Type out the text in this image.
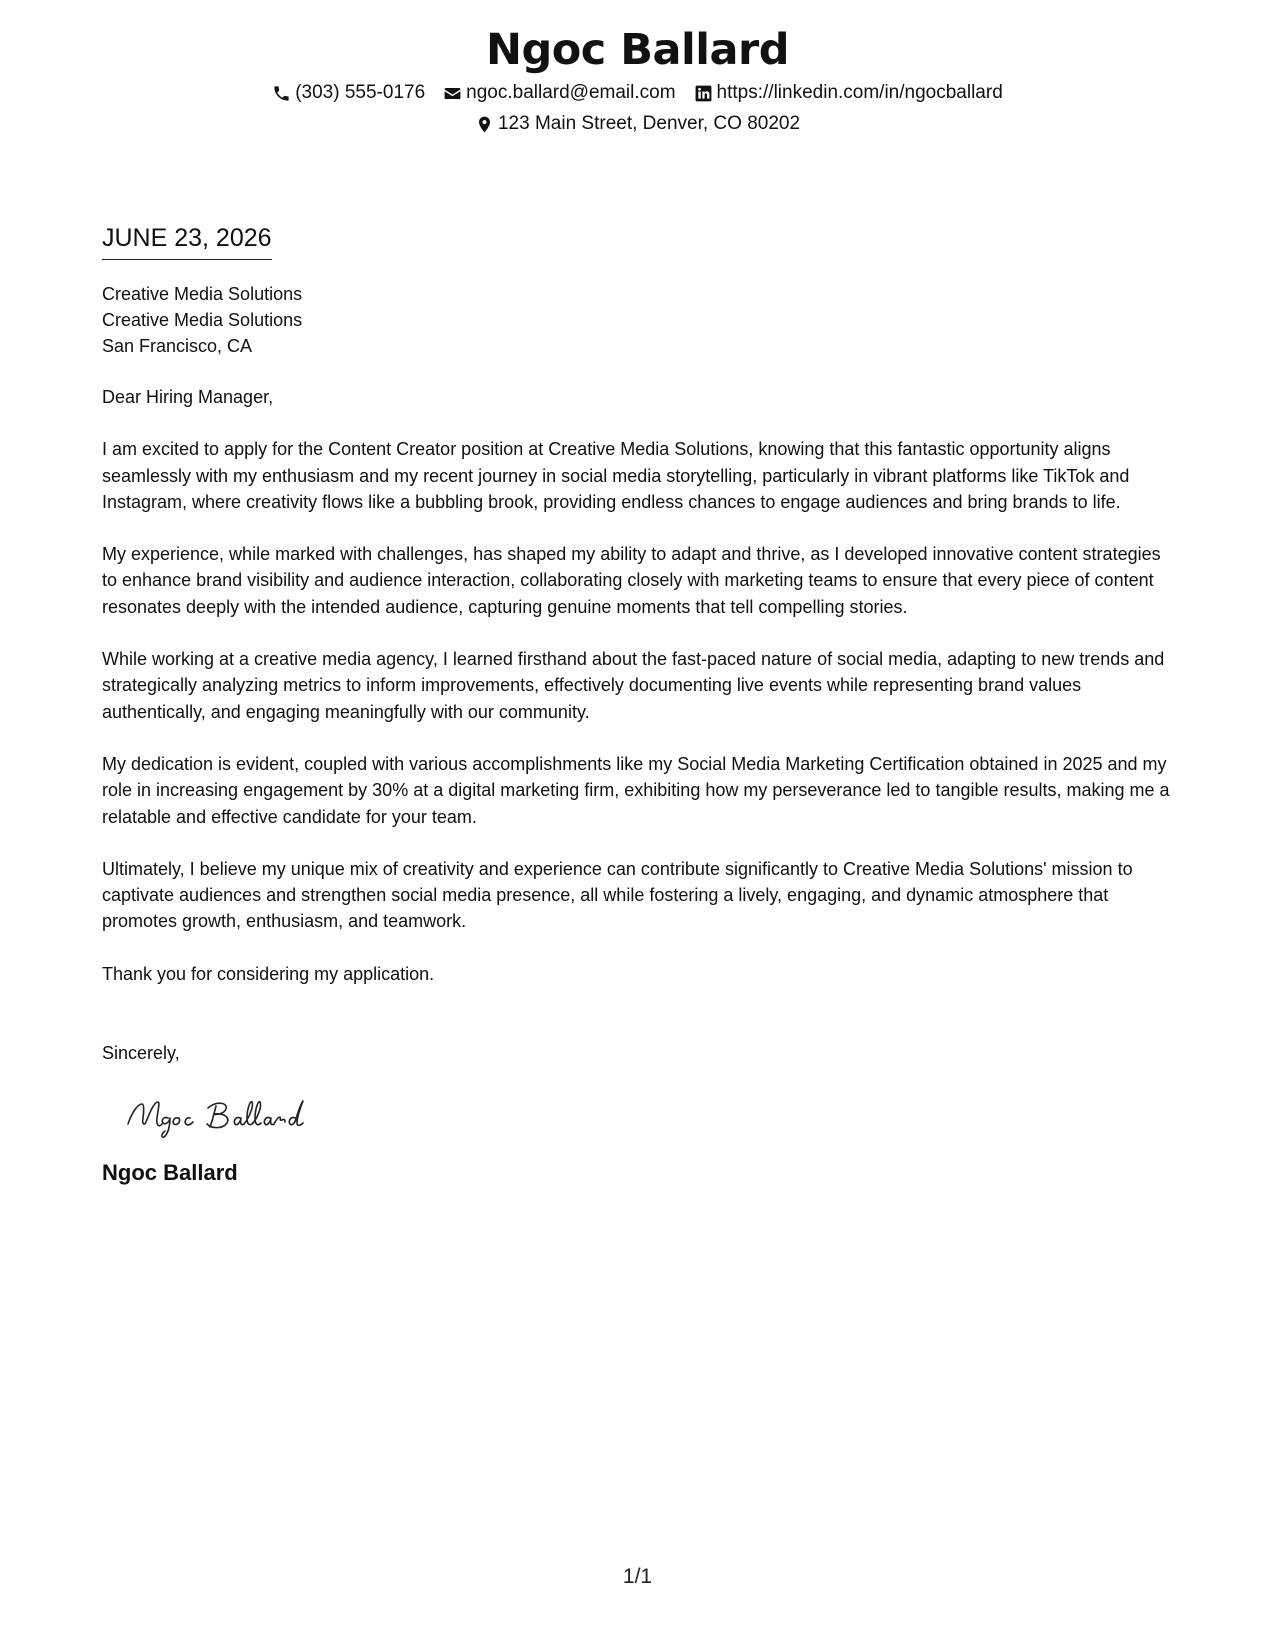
Ngoc Ballard
(303) 555-0176 ngoc.ballard@email.com https://linkedin.com/in/ngocballard
123 Main Street, Denver, CO 80202
JUNE 23, 2026
Creative Media Solutions
Creative Media Solutions
San Francisco, CA

Dear Hiring Manager,

I am excited to apply for the Content Creator position at Creative Media Solutions, knowing that this fantastic opportunity aligns seamlessly with my enthusiasm and my recent journey in social media storytelling, particularly in vibrant platforms like TikTok and Instagram, where creativity flows like a bubbling brook, providing endless chances to engage audiences and bring brands to life.

My experience, while marked with challenges, has shaped my ability to adapt and thrive, as I developed innovative content strategies to enhance brand visibility and audience interaction, collaborating closely with marketing teams to ensure that every piece of content resonates deeply with the intended audience, capturing genuine moments that tell compelling stories.

While working at a creative media agency, I learned firsthand about the fast-paced nature of social media, adapting to new trends and strategically analyzing metrics to inform improvements, effectively documenting live events while representing brand values authentically, and engaging meaningfully with our community.

My dedication is evident, coupled with various accomplishments like my Social Media Marketing Certification obtained in 2025 and my role in increasing engagement by 30% at a digital marketing firm, exhibiting how my perseverance led to tangible results, making me a relatable and effective candidate for your team.

Ultimately, I believe my unique mix of creativity and experience can contribute significantly to Creative Media Solutions' mission to captivate audiences and strengthen social media presence, all while fostering a lively, engaging, and dynamic atmosphere that promotes growth, enthusiasm, and teamwork.

Thank you for considering my application.

Sincerely,
Ngoc Ballard
1/1
